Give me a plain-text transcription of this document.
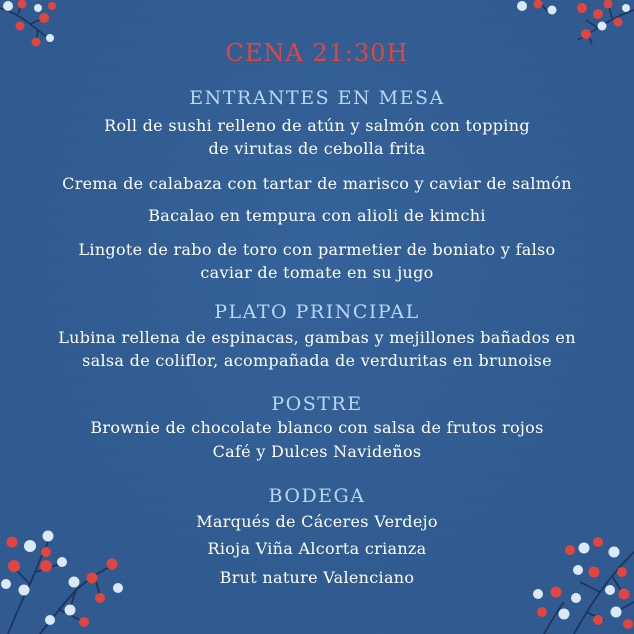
CENA 21:30H
ENTRANTES EN MESA
Roll de sushi relleno de atún y salmón con topping
de virutas de cebolla frita
Crema de calabaza con tartar de marisco y caviar de salmón
Bacalao en tempura con alioli de kimchi
Lingote de rabo de toro con parmetier de boniato y falso
caviar de tomate en su jugo
PLATO PRINCIPAL
Lubina rellena de espinacas, gambas y mejillones bañados en
salsa de coliflor, acompañada de verduritas en brunoise
POSTRE
Brownie de chocolate blanco con salsa de frutos rojos
Café y Dulces Navideños
BODEGA
Marqués de Cáceres Verdejo
Rioja Viña Alcorta crianza
Brut nature Valenciano
